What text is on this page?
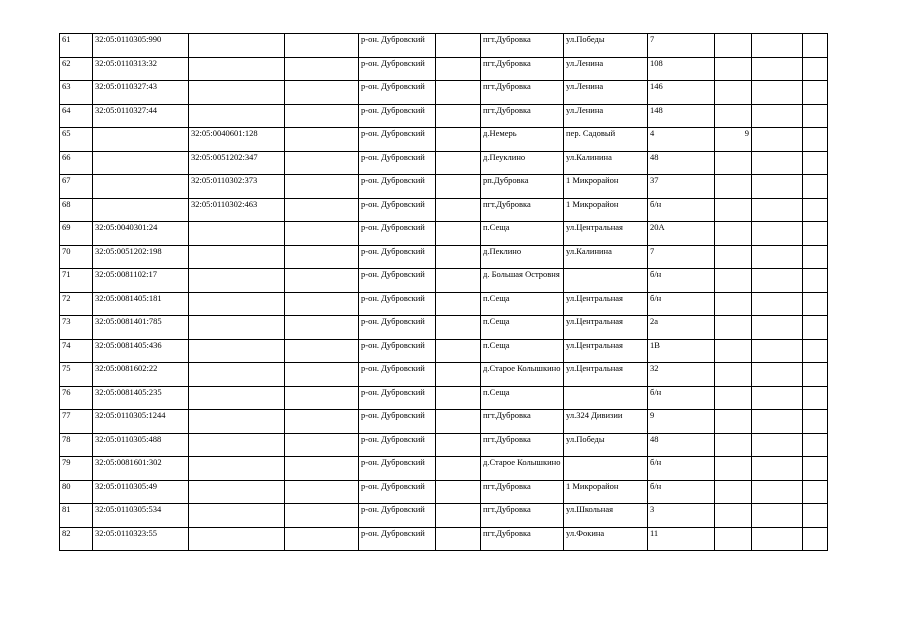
61	32:05:0110305:990			р-он. Дубровский		пгт.Дубровка	ул.Победы	7			
62	32:05:0110313:32			р-он. Дубровский		пгт.Дубровка	ул.Ленина	108			
63	32:05:0110327:43			р-он. Дубровский		пгт.Дубровка	ул.Ленина	146			
64	32:05:0110327:44			р-он. Дубровский		пгт.Дубровка	ул.Ленина	148			
65		32:05:0040601:128		р-он. Дубровский		д.Немерь	пер. Садовый	4	9		
66		32:05:0051202:347		р-он. Дубровский		д.Пеуклино	ул.Калинина	48			
67		32:05:0110302:373		р-он. Дубровский		рп.Дубровка	1 Микрорайон	37			
68		32:05:0110302:463		р-он. Дубровский		пгт.Дубровка	1 Микрорайон	б/н			
69	32:05:0040301:24			р-он. Дубровский		п.Сеща	ул.Центральная	20А			
70	32:05:0051202:198			р-он. Дубровский		д.Пеклино	ул.Калинина	7			
71	32:05:0081102:17			р-он. Дубровский		д. Большая Островня		б/н			
72	32:05:0081405:181			р-он. Дубровский		п.Сеща	ул.Центральная	б/н			
73	32:05:0081401:785			р-он. Дубровский		п.Сеща	ул.Центральная	2а			
74	32:05:0081405:436			р-он. Дубровский		п.Сеща	ул.Центральная	1В			
75	32:05:0081602:22			р-он. Дубровский		д.Старое Колышкино	ул.Центральная	32			
76	32:05:0081405:235			р-он. Дубровский		п.Сеща		б/н			
77	32:05:0110305:1244			р-он. Дубровский		пгт.Дубровка	ул.324 Дивизии	9			
78	32:05:0110305:488			р-он. Дубровский		пгт.Дубровка	ул.Победы	48			
79	32:05:0081601:302			р-он. Дубровский		д.Старое Колышкино		б/н			
80	32:05:0110305:49			р-он. Дубровский		пгт.Дубровка	1 Микрорайон	б/н			
81	32:05:0110305:534			р-он. Дубровский		пгт.Дубровка	ул.Школьная	3			
82	32:05:0110323:55			р-он. Дубровский		пгт.Дубровка	ул.Фокина	11			
